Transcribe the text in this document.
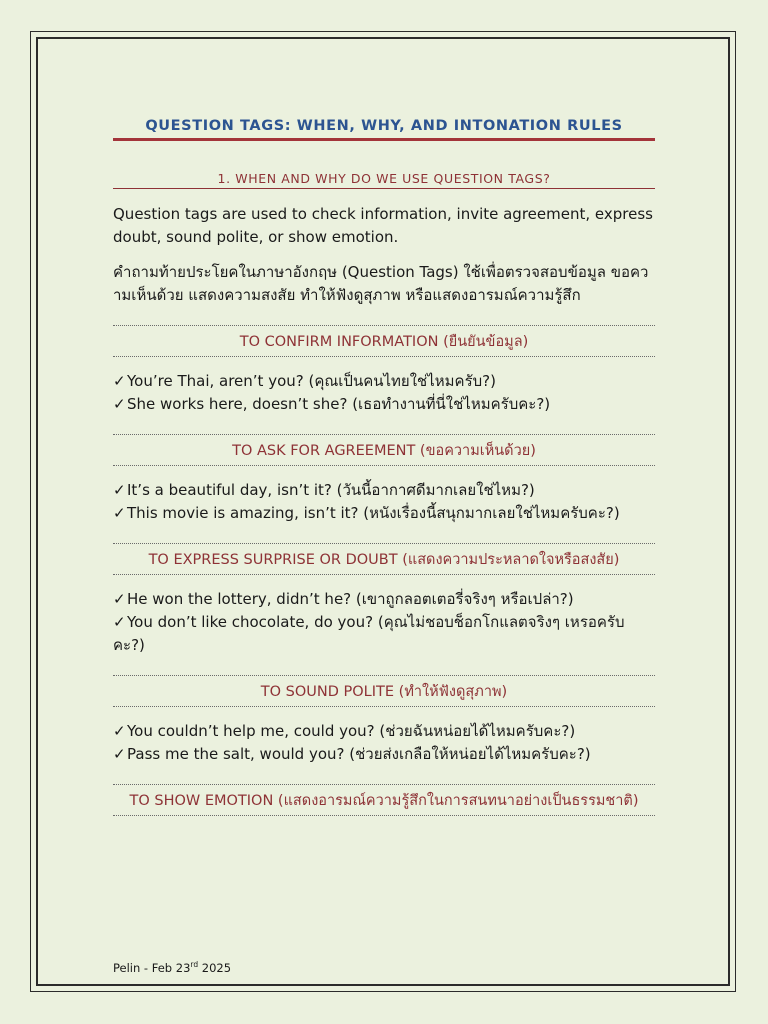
QUESTION TAGS: WHEN, WHY, AND INTONATION RULES
1. WHEN AND WHY DO WE USE QUESTION TAGS?
Question tags are used to check information, invite agreement, express doubt, sound polite, or show emotion.
คำถามท้ายประโยคในภาษาอังกฤษ (Question Tags) ใช้เพื่อตรวจสอบข้อมูล ขอความเห็นด้วย แสดงความสงสัย ทำให้ฟังดูสุภาพ หรือแสดงอารมณ์ความรู้สึก
TO CONFIRM INFORMATION (ยืนยันข้อมูล)
✓You’re Thai, aren’t you? (คุณเป็นคนไทยใช่ไหมครับ?)
✓She works here, doesn’t she? (เธอทำงานที่นี่ใช่ไหมครับคะ?)
TO ASK FOR AGREEMENT (ขอความเห็นด้วย)
✓It’s a beautiful day, isn’t it? (วันนี้อากาศดีมากเลยใช่ไหม?)
✓This movie is amazing, isn’t it? (หนังเรื่องนี้สนุกมากเลยใช่ไหมครับคะ?)
TO EXPRESS SURPRISE OR DOUBT (แสดงความประหลาดใจหรือสงสัย)
✓He won the lottery, didn’t he? (เขาถูกลอตเตอรี่จริงๆ หรือเปล่า?)
✓You don’t like chocolate, do you? (คุณไม่ชอบช็อกโกแลตจริงๆ เหรอครับคะ?)
TO SOUND POLITE (ทำให้ฟังดูสุภาพ)
✓You couldn’t help me, could you? (ช่วยฉันหน่อยได้ไหมครับคะ?)
✓Pass me the salt, would you? (ช่วยส่งเกลือให้หน่อยได้ไหมครับคะ?)
TO SHOW EMOTION (แสดงอารมณ์ความรู้สึกในการสนทนาอย่างเป็นธรรมชาติ)
Pelin - Feb 23rd 2025
